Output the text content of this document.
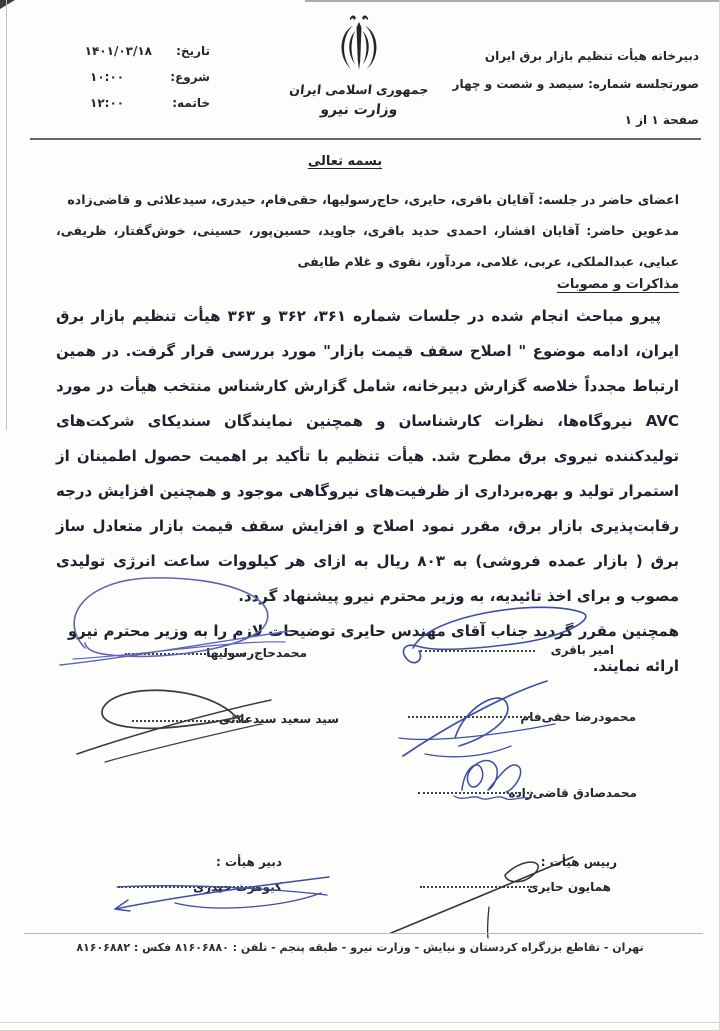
دبیرخانه هیأت تنظیم بازار برق ایران
صورتجلسه شماره: سیصد و شصت و چهار
صفحة ۱ از ۱
تاریخ:
۱۴۰۱/۰۳/۱۸
شروع:
۱۰:۰۰
خاتمه:
۱۲:۰۰
جمهوری اسلامی ایران
وزارت نیرو
بسمه تعالی

اعضای حاضر در جلسه: آقایان باقری، حایری، حاج‌رسولیها، حقی‌فام، حیدری، سیدعلائی و قاضی‌زاده

مدعوین حاضر: آقایان افشار، احمدی حدید باقری، جاوید، حسین‌پور، حسینی، خوش‌گفتار، ظریفی، عبایی، عبدالملکی، عربی، غلامی، مردآور، نقوی و غلام طایفی

مذاکرات و مصوبات

پیرو مباحث انجام شده در جلسات شماره ۳۶۱، ۳۶۲ و ۳۶۳ هیأت تنظیم بازار برق ایران، ادامه موضوع " اصلاح سقف قیمت بازار" مورد بررسی قرار گرفت. در همین ارتباط مجدداً خلاصه گزارش دبیرخانه، شامل گزارش کارشناس منتخب هیأت در مورد AVC نیروگاه‌ها، نظرات کارشناسان و همچنین نمایندگان سندیکای شرکت‌های تولیدکننده نیروی برق مطرح شد. هیأت تنظیم با تأکید بر اهمیت حصول اطمینان از استمرار تولید و بهره‌برداری از ظرفیت‌های نیروگاهی موجود و همچنین افزایش درجه رقابت‌پذیری بازار برق، مقرر نمود اصلاح و افزایش سقف قیمت بازار متعادل ساز برق ( بازار عمده فروشی) به ۸۰۳ ریال به ازای هر کیلووات ساعت انرژی تولیدی مصوب و برای اخذ تائیدیه، به وزیر محترم نیرو پیشنهاد گردد.

همچنین مقرر گردید جناب آقای مهندس حایری توضیحات لازم را به وزیر محترم نیرو ارائه نمایند.

امیر باقری
محمدحاج‌رسولیها
محمودرضا حقی‌فام
سید سعید سیدعلائی
محمدصادق قاضی‌زاده
رییس هیأت :
همایون حایری
دبیر هیأت :
کیومرث حیدری
تهران - تقاطع بزرگراه کردستان و نیایش - وزارت نیرو - طبقه پنجم - تلفن : ۸۱۶۰۶۸۸۰ فکس : ۸۱۶۰۶۸۸۲
